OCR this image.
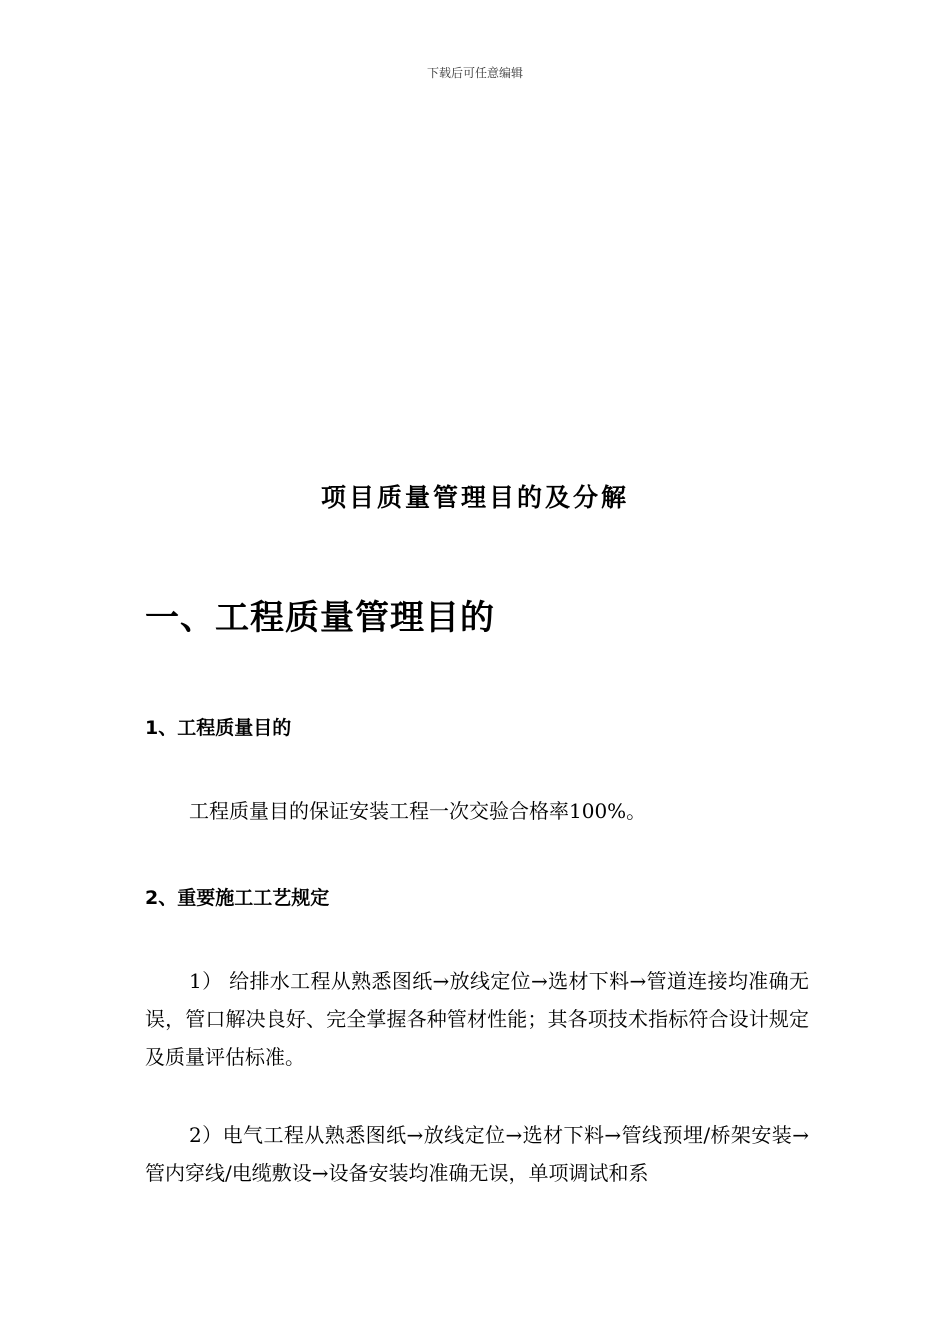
下载后可任意编辑
项目质量管理目的及分解
一、工程质量管理目的
1、工程质量目的
工程质量目的保证安装工程一次交验合格率100%。
2、重要施工工艺规定
1） 给排水工程从熟悉图纸→放线定位→选材下料→管道连接均准确无误，管口解决良好、完全掌握各种管材性能；其各项技术指标符合设计规定及质量评估标准。
2）电气工程从熟悉图纸→放线定位→选材下料→管线预埋/桥架安装→管内穿线/电缆敷设→设备安装均准确无误，单项调试和系
